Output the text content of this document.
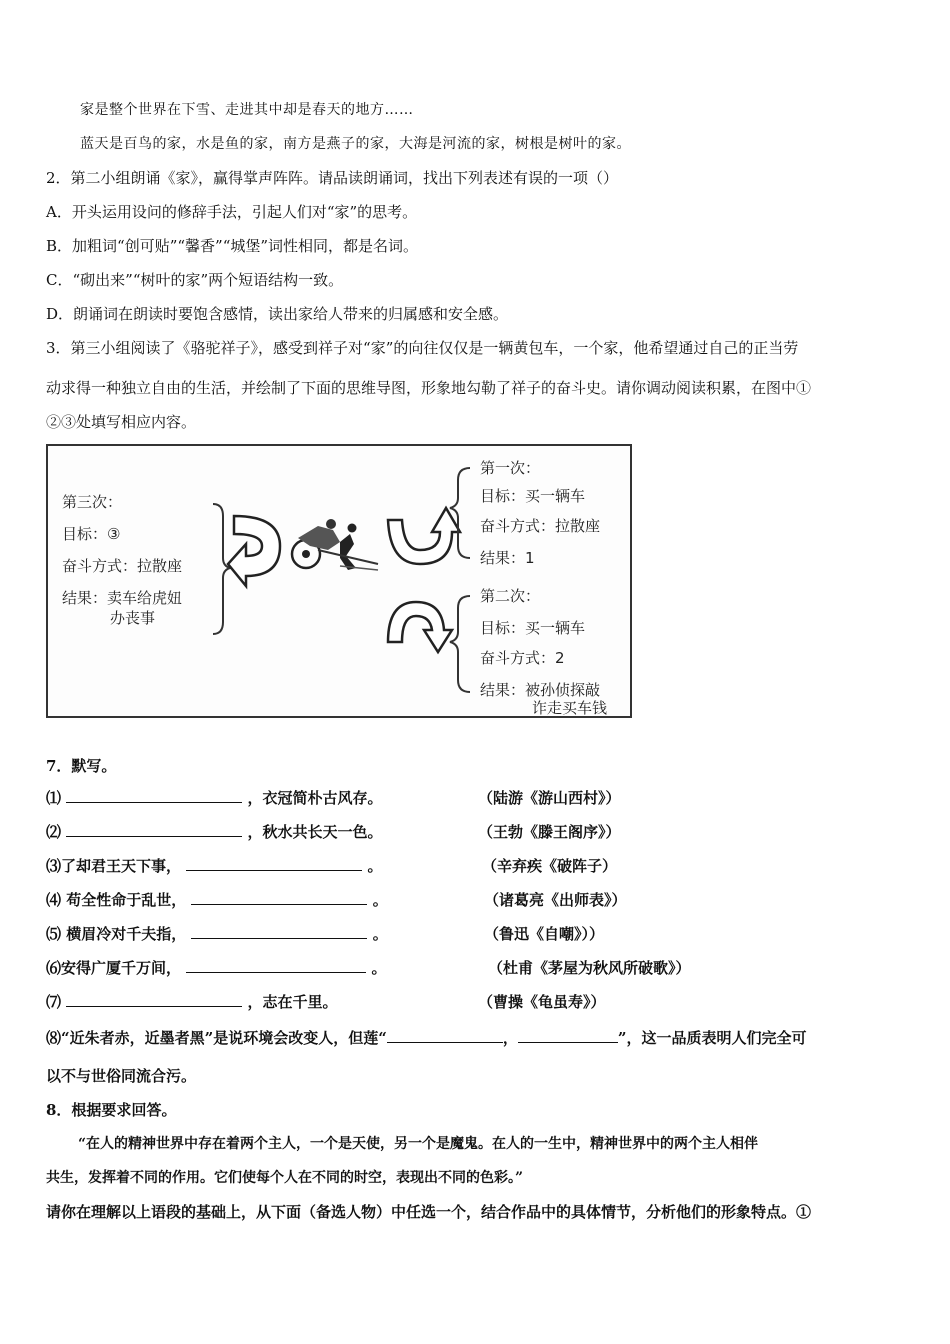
家是整个世界在下雪、走进其中却是春天的地方……
蓝天是百鸟的家，水是鱼的家，南方是燕子的家，大海是河流的家，树根是树叶的家。
2．第二小组朗诵《家》，赢得掌声阵阵。请品读朗诵词，找出下列表述有误的一项（）
A．开头运用设问的修辞手法，引起人们对“家”的思考。
B．加粗词“创可贴”“馨香”“城堡”词性相同，都是名词。
C．“砌出来”“树叶的家”两个短语结构一致。
D．朗诵词在朗读时要饱含感情，读出家给人带来的归属感和安全感。
3．第三小组阅读了《骆驼祥子》，感受到祥子对“家”的向往仅仅是一辆黄包车，一个家，他希望通过自己的正当劳
动求得一种独立自由的生活，并绘制了下面的思维导图，形象地勾勒了祥子的奋斗史。请你调动阅读积累，在图中①
②③处填写相应内容。
第三次：
目标：③
奋斗方式：拉散座
结果：卖车给虎妞
办丧事
第一次：
目标：买一辆车
奋斗方式：拉散座
结果：1
第二次：
目标：买一辆车
奋斗方式：2
结果：被孙侦探敲
诈走买车钱
7．默写。
⑴	，衣冠简朴古风存。	（陆游《游山西村》）
⑵	，秋水共长天一色。	（王勃《滕王阁序》）
⑶了却君王天下事，	。	（辛弃疾《破阵子）
⑷ 苟全性命于乱世，	。	（诸葛亮《出师表》）
⑸ 横眉冷对千夫指，	。	（鲁迅《自嘲》））
⑹安得广厦千万间，	。	（杜甫《茅屋为秋风所破歌》）
⑺	，志在千里。	（曹操《龟虽寿》）
⑻“近朱者赤，近墨者黑”是说环境会改变人，但莲“	，	”，这一品质表明人们完全可
以不与世俗同流合污。
8．根据要求回答。
“在人的精神世界中存在着两个主人，一个是天使，另一个是魔鬼。在人的一生中，精神世界中的两个主人相伴
共生，发挥着不同的作用。它们使每个人在不同的时空，表现出不同的色彩。”
请你在理解以上语段的基础上，从下面（备选人物）中任选一个，结合作品中的具体情节，分析他们的形象特点。①
